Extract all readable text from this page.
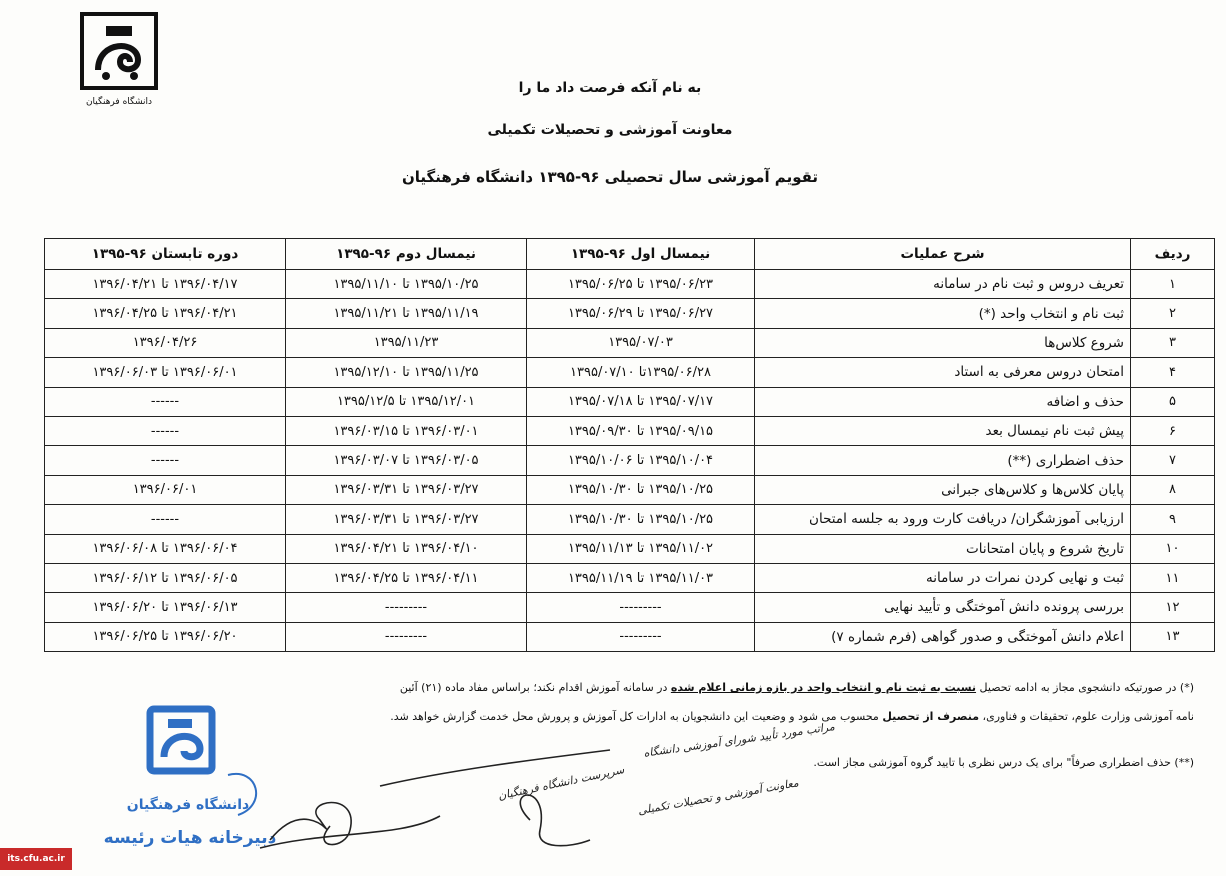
دانشگاه فرهنگیان
به نام آنکه فرصت داد ما را
معاونت آموزشی و تحصیلات تکمیلی
تقویم آموزشی سال تحصیلی ۹۶-۱۳۹۵ دانشگاه فرهنگیان
ردیف	شرح عملیات	نیمسال اول ۹۶-۱۳۹۵	نیمسال دوم ۹۶-۱۳۹۵	دوره تابستان ۹۶-۱۳۹۵
۱	تعریف دروس و ثبت نام در سامانه	۱۳۹۵/۰۶/۲۳ تا ۱۳۹۵/۰۶/۲۵	۱۳۹۵/۱۰/۲۵ تا ۱۳۹۵/۱۱/۱۰	۱۳۹۶/۰۴/۱۷ تا ۱۳۹۶/۰۴/۲۱
۲	ثبت نام و انتخاب واحد (*)	۱۳۹۵/۰۶/۲۷ تا ۱۳۹۵/۰۶/۲۹	۱۳۹۵/۱۱/۱۹ تا ۱۳۹۵/۱۱/۲۱	۱۳۹۶/۰۴/۲۱ تا ۱۳۹۶/۰۴/۲۵
۳	شروع کلاس‌ها	۱۳۹۵/۰۷/۰۳	۱۳۹۵/۱۱/۲۳	۱۳۹۶/۰۴/۲۶
۴	امتحان دروس معرفی به استاد	۱۳۹۵/۰۶/۲۸تا ۱۳۹۵/۰۷/۱۰	۱۳۹۵/۱۱/۲۵ تا ۱۳۹۵/۱۲/۱۰	۱۳۹۶/۰۶/۰۱ تا ۱۳۹۶/۰۶/۰۳
۵	حذف و اضافه	۱۳۹۵/۰۷/۱۷ تا ۱۳۹۵/۰۷/۱۸	۱۳۹۵/۱۲/۰۱ تا ۱۳۹۵/۱۲/۵	------
۶	پیش ثبت نام نیمسال بعد	۱۳۹۵/۰۹/۱۵ تا ۱۳۹۵/۰۹/۳۰	۱۳۹۶/۰۳/۰۱ تا ۱۳۹۶/۰۳/۱۵	------
۷	حذف اضطراری (**)	۱۳۹۵/۱۰/۰۴ تا ۱۳۹۵/۱۰/۰۶	۱۳۹۶/۰۳/۰۵ تا ۱۳۹۶/۰۳/۰۷	------
۸	پایان کلاس‌ها و کلاس‌های جبرانی	۱۳۹۵/۱۰/۲۵ تا ۱۳۹۵/۱۰/۳۰	۱۳۹۶/۰۳/۲۷ تا ۱۳۹۶/۰۳/۳۱	۱۳۹۶/۰۶/۰۱
۹	ارزیابی آموزشگران/ دریافت کارت ورود به جلسه امتحان	۱۳۹۵/۱۰/۲۵ تا ۱۳۹۵/۱۰/۳۰	۱۳۹۶/۰۳/۲۷ تا ۱۳۹۶/۰۳/۳۱	------
۱۰	تاریخ شروع و پایان امتحانات	۱۳۹۵/۱۱/۰۲ تا ۱۳۹۵/۱۱/۱۳	۱۳۹۶/۰۴/۱۰ تا ۱۳۹۶/۰۴/۲۱	۱۳۹۶/۰۶/۰۴ تا ۱۳۹۶/۰۶/۰۸
۱۱	ثبت و نهایی کردن نمرات در سامانه	۱۳۹۵/۱۱/۰۳ تا ۱۳۹۵/۱۱/۱۹	۱۳۹۶/۰۴/۱۱ تا ۱۳۹۶/۰۴/۲۵	۱۳۹۶/۰۶/۰۵ تا ۱۳۹۶/۰۶/۱۲
۱۲	بررسی پرونده دانش آموختگی و تأیید نهایی	---------	---------	۱۳۹۶/۰۶/۱۳ تا ۱۳۹۶/۰۶/۲۰
۱۳	اعلام دانش آموختگی و صدور گواهی (فرم شماره ۷)	---------	---------	۱۳۹۶/۰۶/۲۰ تا ۱۳۹۶/۰۶/۲۵
(*) در صورتیکه دانشجوی مجاز به ادامه تحصیل نسبت به ثبت نام و انتخاب واحد در بازه زمانی اعلام شده در سامانه آموزش اقدام نکند؛ براساس مفاد ماده (۲۱) آئین
نامه آموزشی وزارت علوم، تحقیقات و فناوری، منصرف از تحصیل محسوب می شود و وضعیت این دانشجویان به ادارات کل آموزش و پرورش محل خدمت گزارش خواهد شد.
(**) حذف اضطراری صرفاً" برای یک درس نظری با تایید گروه آموزشی مجاز است.
دانشگاه فرهنگیان
دبیرخانه هیات رئیسه
مراتب مورد تأیید شورای آموزشی دانشگاه
معاونت آموزشی و تحصیلات تکمیلی
سرپرست دانشگاه فرهنگیان
its.cfu.ac.ir
